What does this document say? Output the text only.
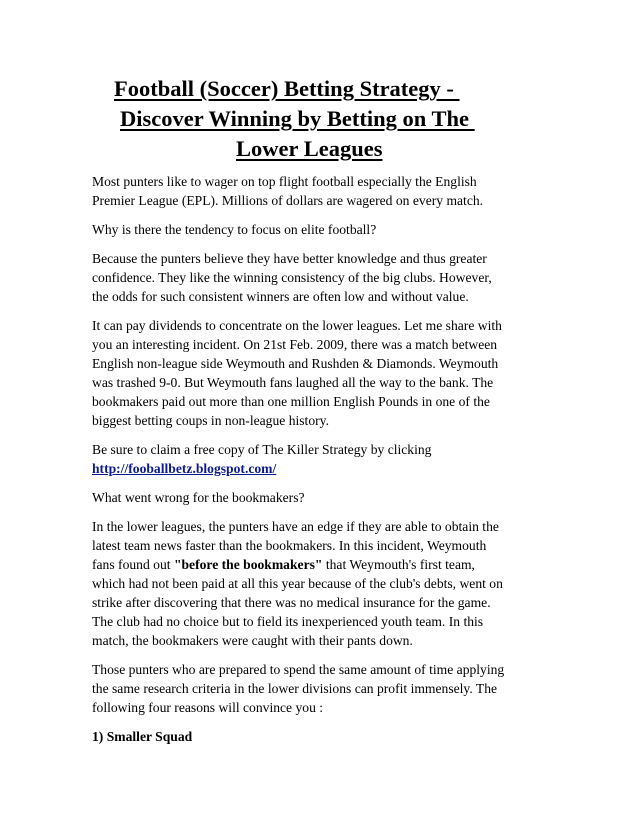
Football (Soccer) Betting Strategy -
Discover Winning by Betting on The
Lower Leagues

Most punters like to wager on top flight football especially the English
Premier League (EPL). Millions of dollars are wagered on every match.

Why is there the tendency to focus on elite football?

Because the punters believe they have better knowledge and thus greater
confidence. They like the winning consistency of the big clubs. However,
the odds for such consistent winners are often low and without value.

It can pay dividends to concentrate on the lower leagues. Let me share with
you an interesting incident. On 21st Feb. 2009, there was a match between
English non-league side Weymouth and Rushden & Diamonds. Weymouth
was trashed 9-0. But Weymouth fans laughed all the way to the bank. The
bookmakers paid out more than one million English Pounds in one of the
biggest betting coups in non-league history.

Be sure to claim a free copy of The Killer Strategy by clicking
http://fooballbetz.blogspot.com/

What went wrong for the bookmakers?

In the lower leagues, the punters have an edge if they are able to obtain the
latest team news faster than the bookmakers. In this incident, Weymouth
fans found out "before the bookmakers" that Weymouth's first team,
which had not been paid at all this year because of the club's debts, went on
strike after discovering that there was no medical insurance for the game.
The club had no choice but to field its inexperienced youth team. In this
match, the bookmakers were caught with their pants down.

Those punters who are prepared to spend the same amount of time applying
the same research criteria in the lower divisions can profit immensely. The
following four reasons will convince you :

1) Smaller Squad
